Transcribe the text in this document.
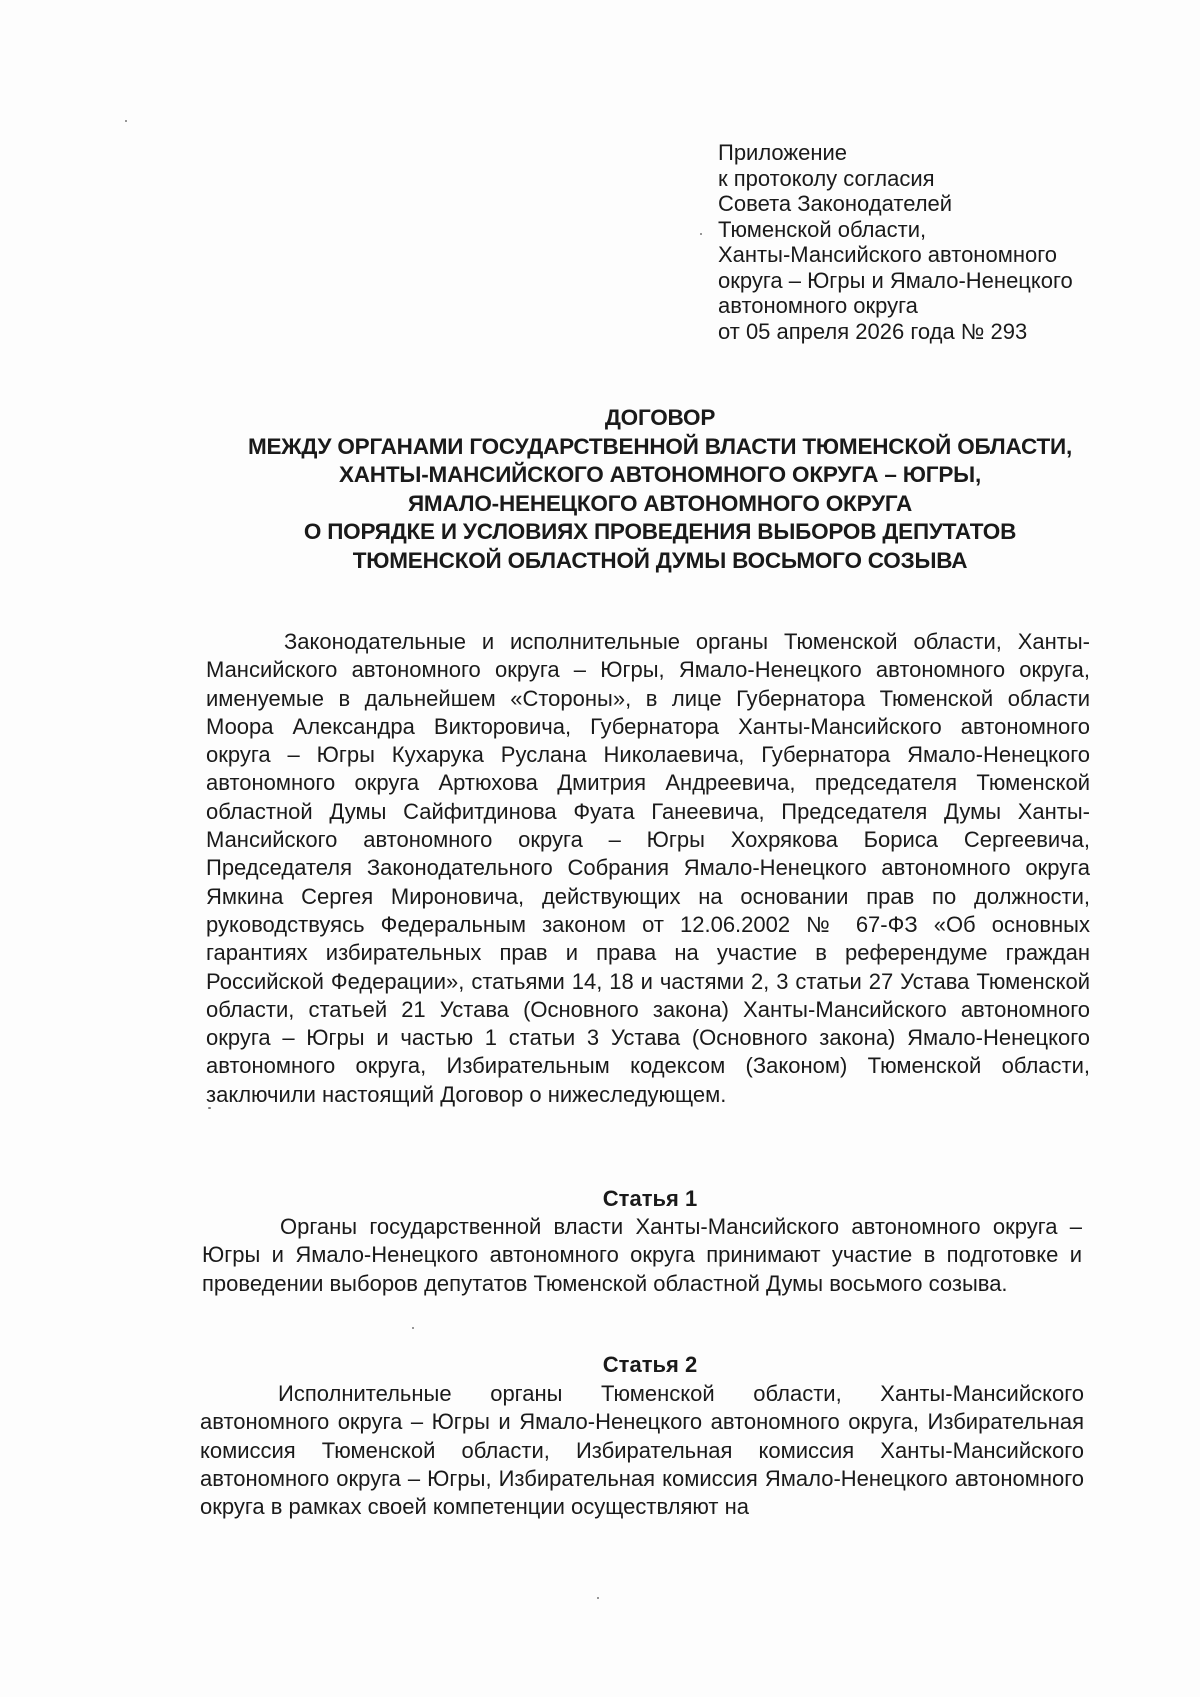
Приложение
к протоколу согласия
Совета Законодателей
Тюменской области,
Ханты-Мансийского автономного
округа – Югры и Ямало-Ненецкого
автономного округа
от 05 апреля 2026 года № 293
ДОГОВОР
МЕЖДУ ОРГАНАМИ ГОСУДАРСТВЕННОЙ ВЛАСТИ ТЮМЕНСКОЙ ОБЛАСТИ,
ХАНТЫ-МАНСИЙСКОГО АВТОНОМНОГО ОКРУГА – ЮГРЫ,
ЯМАЛО-НЕНЕЦКОГО АВТОНОМНОГО ОКРУГА
О ПОРЯДКЕ И УСЛОВИЯХ ПРОВЕДЕНИЯ ВЫБОРОВ ДЕПУТАТОВ
ТЮМЕНСКОЙ ОБЛАСТНОЙ ДУМЫ ВОСЬМОГО СОЗЫВА
Законодательные и исполнительные органы Тюменской области, Ханты-Мансийского автономного округа – Югры, Ямало-Ненецкого автономного округа, именуемые в дальнейшем «Стороны», в лице Губернатора Тюменской области Моора Александра Викторовича, Губернатора Ханты-Мансийского автономного округа – Югры Кухарука Руслана Николаевича, Губернатора Ямало-Ненецкого автономного округа Артюхова Дмитрия Андреевича, председателя Тюменской областной Думы Сайфитдинова Фуата Ганеевича, Председателя Думы Ханты-Мансийского автономного округа – Югры Хохрякова Бориса Сергеевича, Председателя Законодательного Собрания Ямало-Ненецкого автономного округа Ямкина Сергея Мироновича, действующих на основании прав по должности, руководствуясь Федеральным законом от 12.06.2002 № 67-ФЗ «Об основных гарантиях избирательных прав и права на участие в референдуме граждан Российской Федерации», статьями 14, 18 и частями 2, 3 статьи 27 Устава Тюменской области, статьей 21 Устава (Основного закона) Ханты-Мансийского автономного округа – Югры и частью 1 статьи 3 Устава (Основного закона) Ямало-Ненецкого автономного округа, Избирательным кодексом (Законом) Тюменской области, заключили настоящий Договор о нижеследующем.
Статья 1
Органы государственной власти Ханты-Мансийского автономного округа – Югры и Ямало-Ненецкого автономного округа принимают участие в подготовке и проведении выборов депутатов Тюменской областной Думы восьмого созыва.
Статья 2
Исполнительные органы Тюменской области, Ханты-Мансийского автономного округа – Югры и Ямало-Ненецкого автономного округа, Избирательная комиссия Тюменской области, Избирательная комиссия Ханты-Мансийского автономного округа – Югры, Избирательная комиссия Ямало-Ненецкого автономного округа в рамках своей компетенции осуществляют на
